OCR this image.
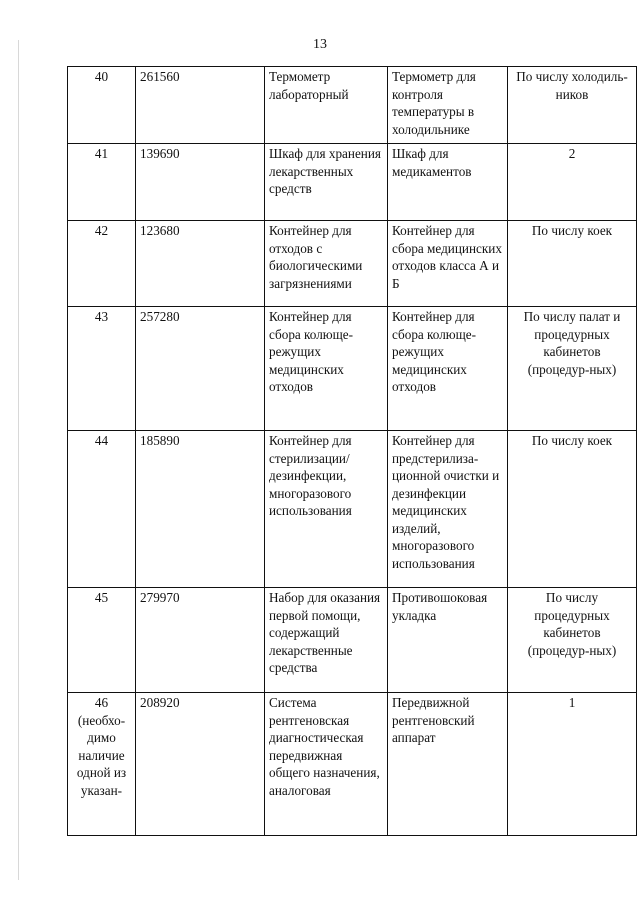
13
40	261560	Термометр лабораторный	Термометр для контроля температуры в холодильнике	По числу холодиль-ников
41	139690	Шкаф для хранения лекарственных средств	Шкаф для медикаментов	2
42	123680	Контейнер для отходов с биологическими загрязнениями	Контейнер для сбора медицинских отходов класса А и Б	По числу коек
43	257280	Контейнер для сбора колюще-режущих медицинских отходов	Контейнер для сбора колюще-режущих медицинских отходов	По числу палат и процедурных кабинетов (процедур-ных)
44	185890	Контейнер для стерилизации/ дезинфекции, многоразового использования	Контейнер для предстерилиза-ционной очистки и дезинфекции медицинских изделий, многоразового использования	По числу коек
45	279970	Набор для оказания первой помощи, содержащий лекарственные средства	Противошоковая укладка	По числу процедурных кабинетов (процедур-ных)
46 (необхо-димо наличие одной из указан-	208920	Система рентгеновская диагностическая передвижная общего назначения, аналоговая	Передвижной рентгеновский аппарат	1
